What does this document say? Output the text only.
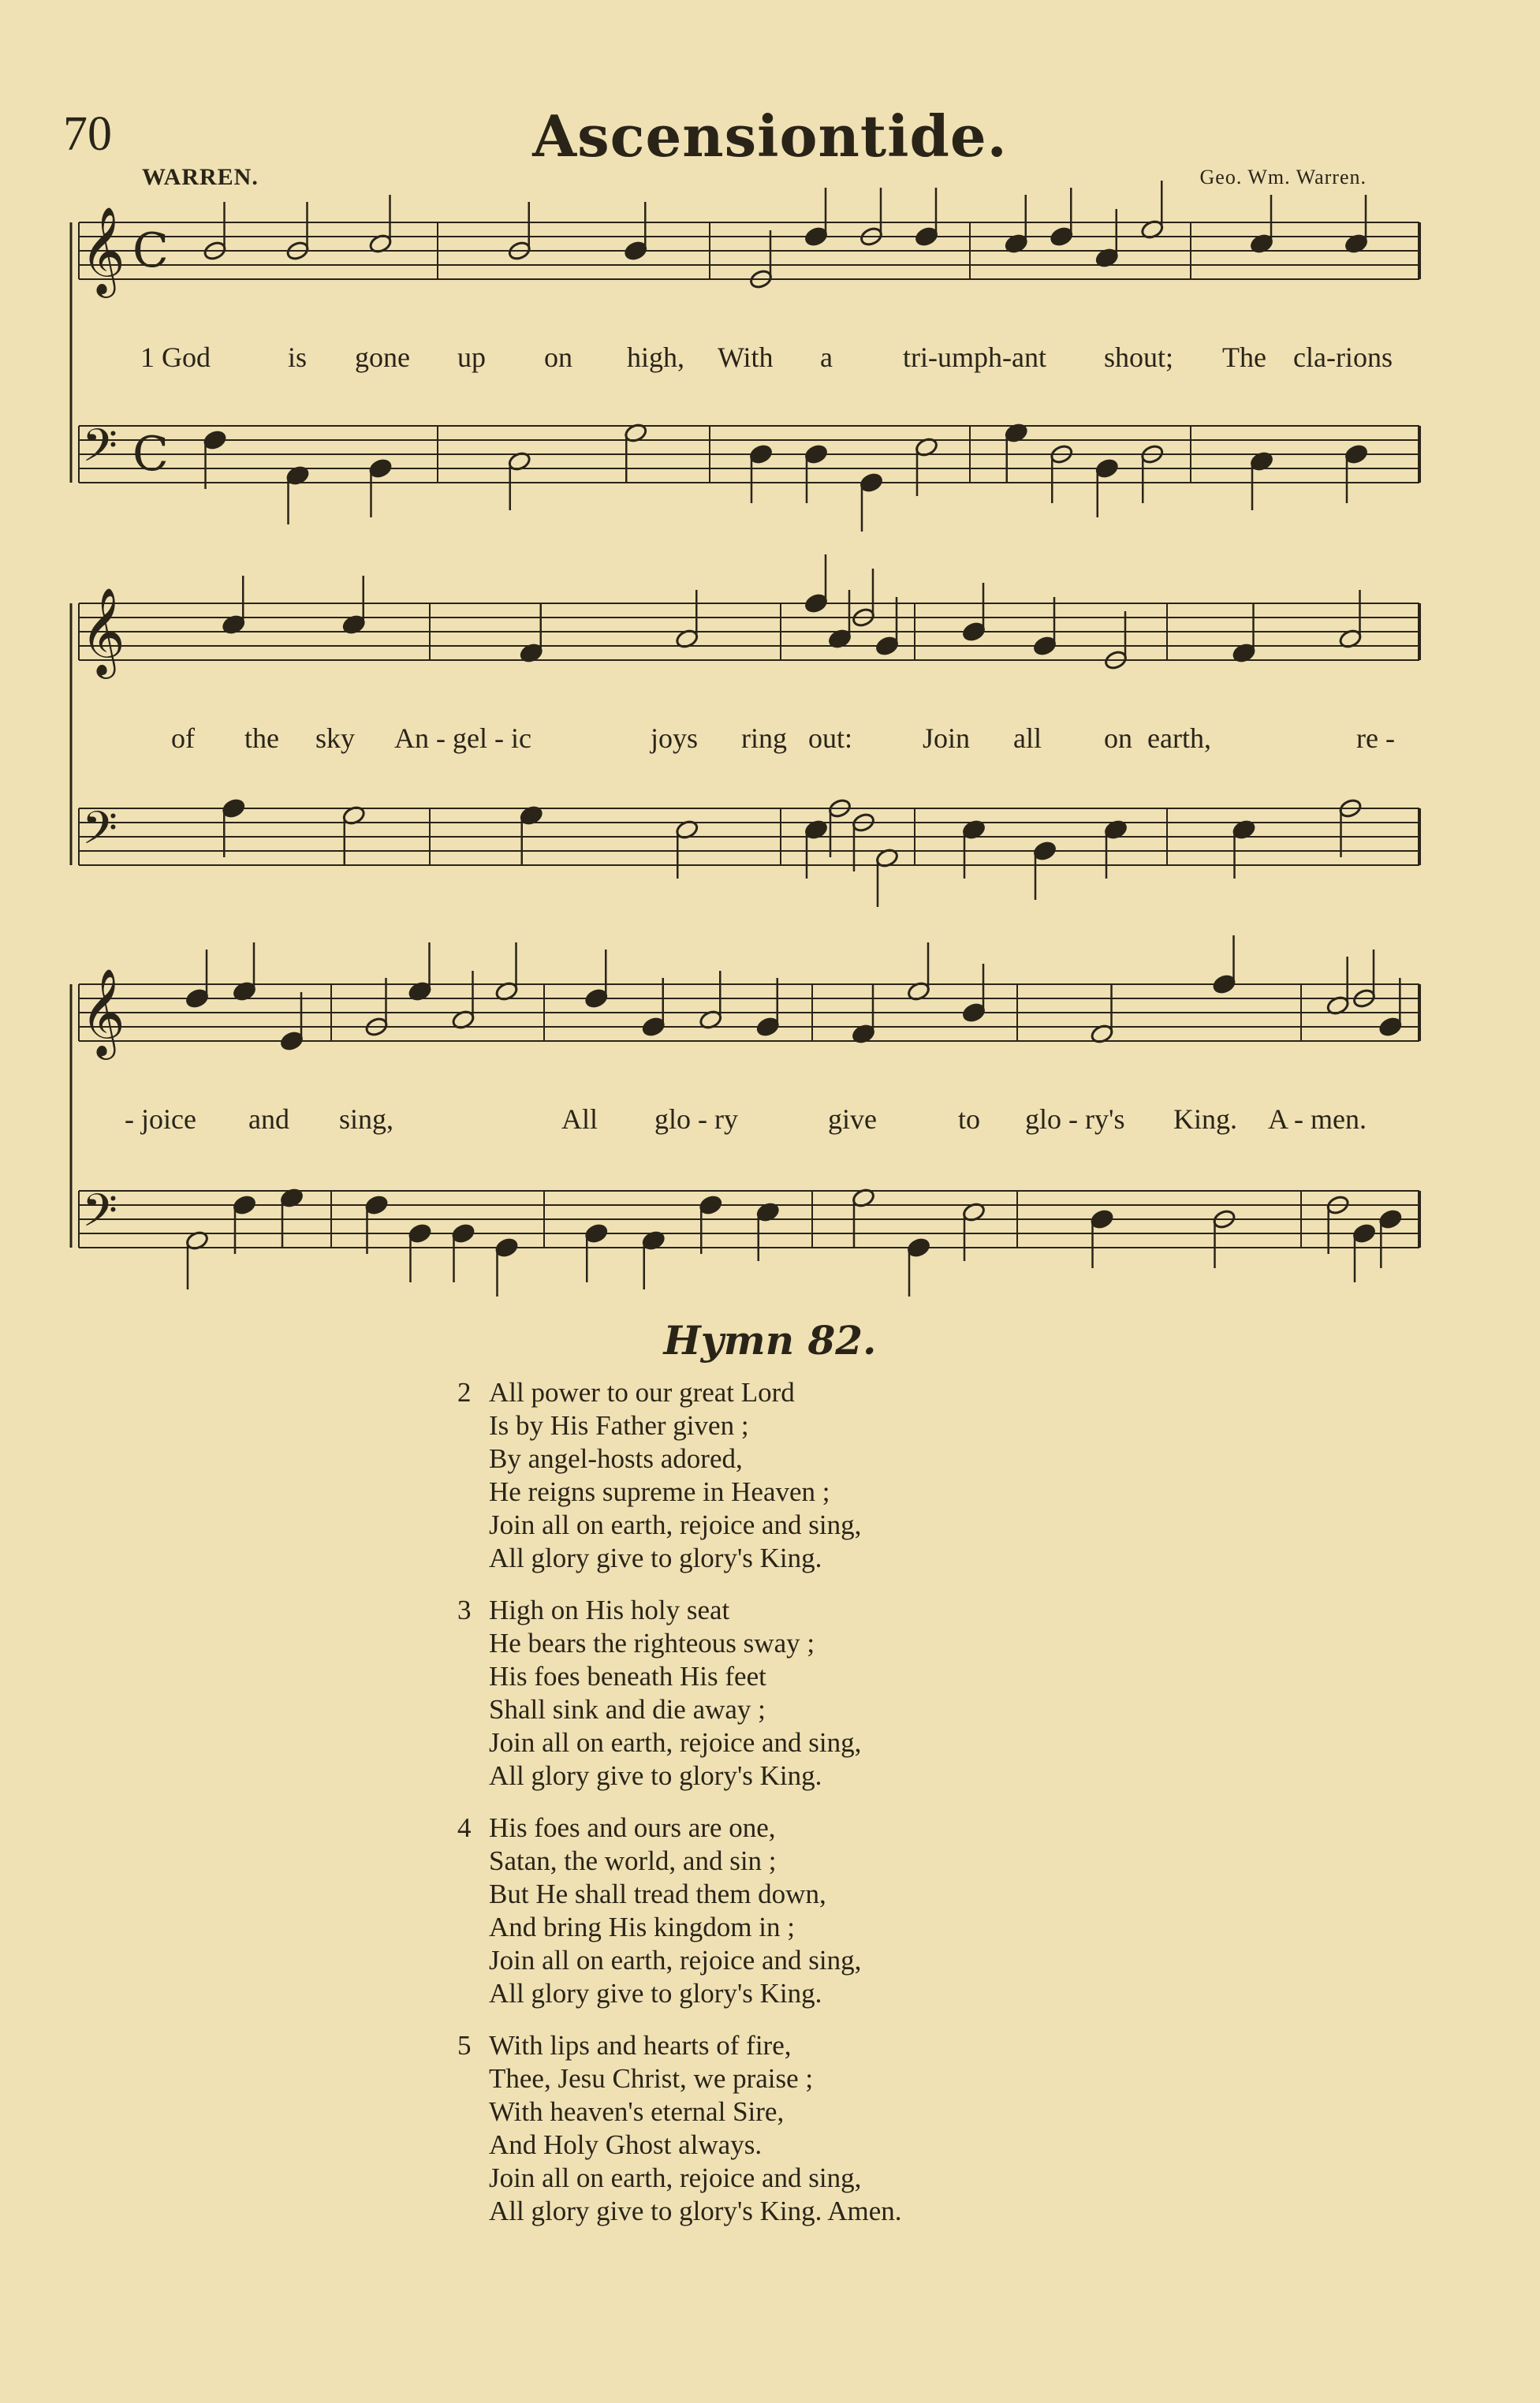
70	Ascensiontide.
WARREN.	Geo. Wm. Warren.
𝄞
𝄢
C
C
𝄞
𝄢
𝄞
𝄢
1 God	is gone up on high, With a tri-umph-ant shout; The cla-rions
of the sky An - gel - ic	joys ring out: Join all on earth,	re -
- joice and sing,	All glo - ry	give	to glo - ry's King. A - men.
Hymn 82.
2 All power to our great Lord
Is by His Father given ;
By angel-hosts adored,
He reigns supreme in Heaven ;
Join all on earth, rejoice and sing,
All glory give to glory's King.
3 High on His holy seat
He bears the righteous sway ;
His foes beneath His feet
Shall sink and die away ;
Join all on earth, rejoice and sing,
All glory give to glory's King.
4 His foes and ours are one,
Satan, the world, and sin ;
But He shall tread them down,
And bring His kingdom in ;
Join all on earth, rejoice and sing,
All glory give to glory's King.
5 With lips and hearts of fire,
Thee, Jesu Christ, we praise ;
With heaven's eternal Sire,
And Holy Ghost always.
Join all on earth, rejoice and sing,
All glory give to glory's King. Amen.
